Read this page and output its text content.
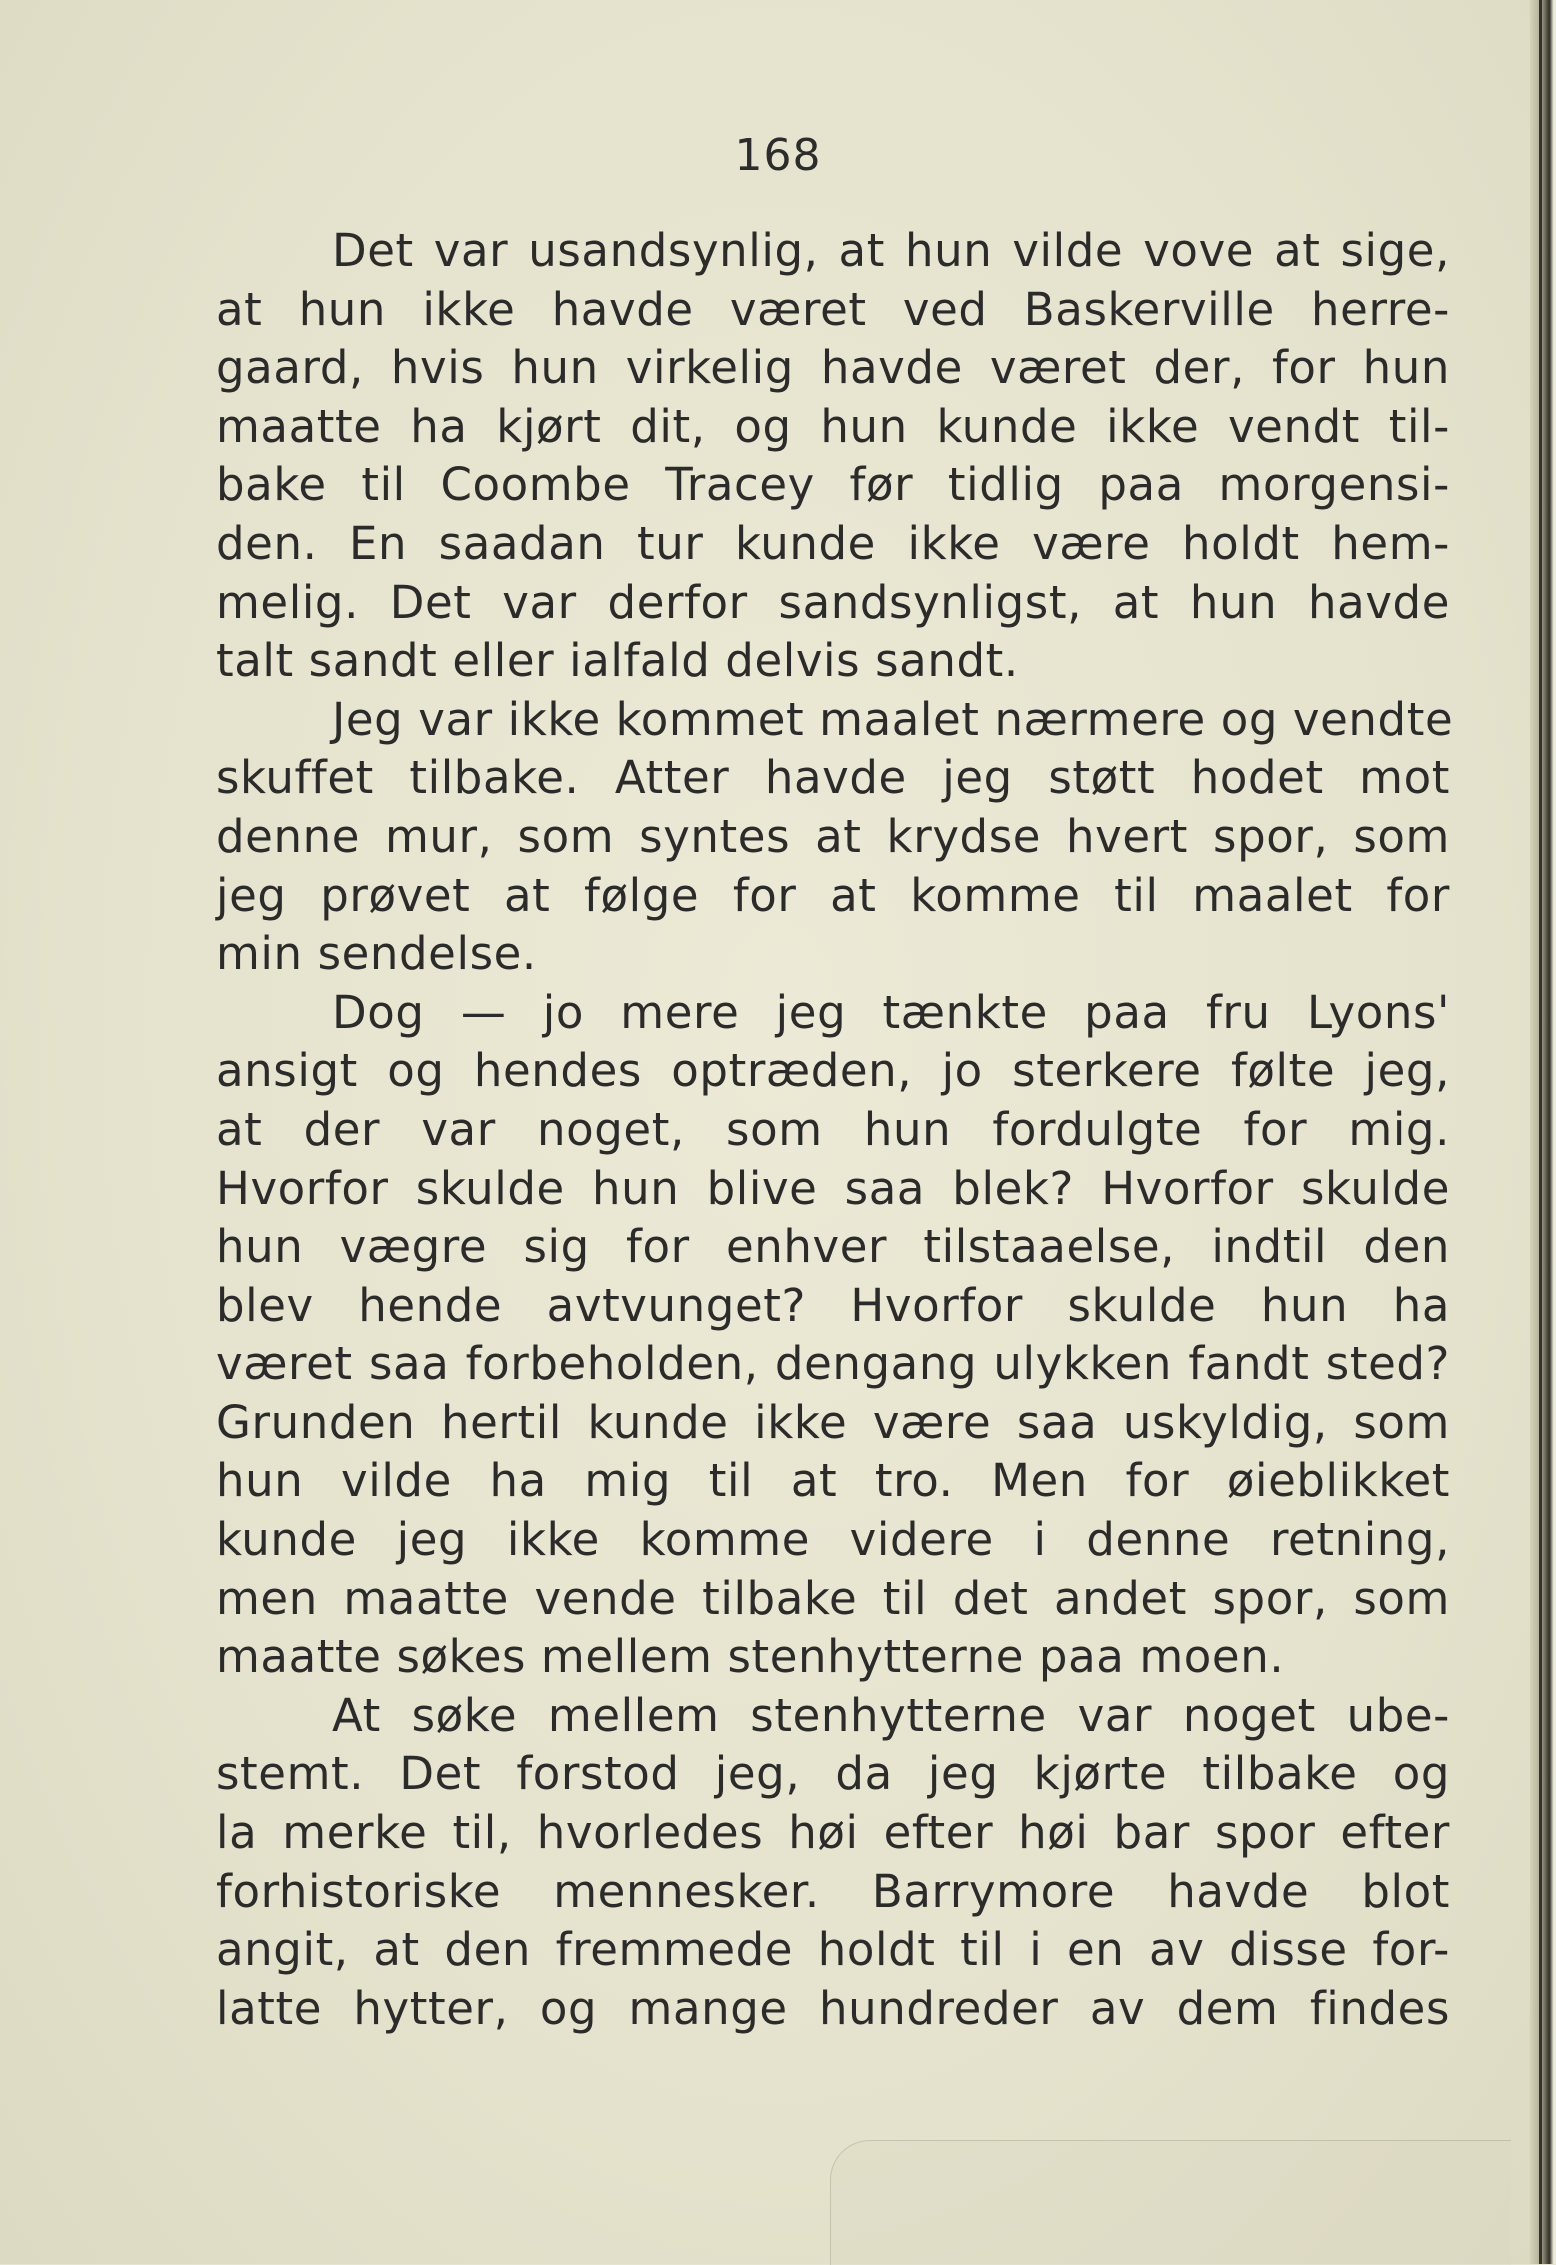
168
Det var usandsynlig, at hun vilde vove at sige,
at hun ikke havde været ved Baskerville herre-
gaard, hvis hun virkelig havde været der, for hun
maatte ha kjørt dit, og hun kunde ikke vendt til-
bake til Coombe Tracey før tidlig paa morgensi-
den. En saadan tur kunde ikke være holdt hem-
melig. Det var derfor sandsynligst, at hun havde
talt sandt eller ialfald delvis sandt.
Jeg var ikke kommet maalet nærmere og vendte
skuffet tilbake. Atter havde jeg støtt hodet mot
denne mur, som syntes at krydse hvert spor, som
jeg prøvet at følge for at komme til maalet for
min sendelse.
Dog — jo mere jeg tænkte paa fru Lyons'
ansigt og hendes optræden, jo sterkere følte jeg,
at der var noget, som hun fordulgte for mig.
Hvorfor skulde hun blive saa blek? Hvorfor skulde
hun vægre sig for enhver tilstaaelse, indtil den
blev hende avtvunget? Hvorfor skulde hun ha
været saa forbeholden, dengang ulykken fandt sted?
Grunden hertil kunde ikke være saa uskyldig, som
hun vilde ha mig til at tro. Men for øieblikket
kunde jeg ikke komme videre i denne retning,
men maatte vende tilbake til det andet spor, som
maatte søkes mellem stenhytterne paa moen.
At søke mellem stenhytterne var noget ube-
stemt. Det forstod jeg, da jeg kjørte tilbake og
la merke til, hvorledes høi efter høi bar spor efter
forhistoriske mennesker. Barrymore havde blot
angit, at den fremmede holdt til i en av disse for-
latte hytter, og mange hundreder av dem findes
